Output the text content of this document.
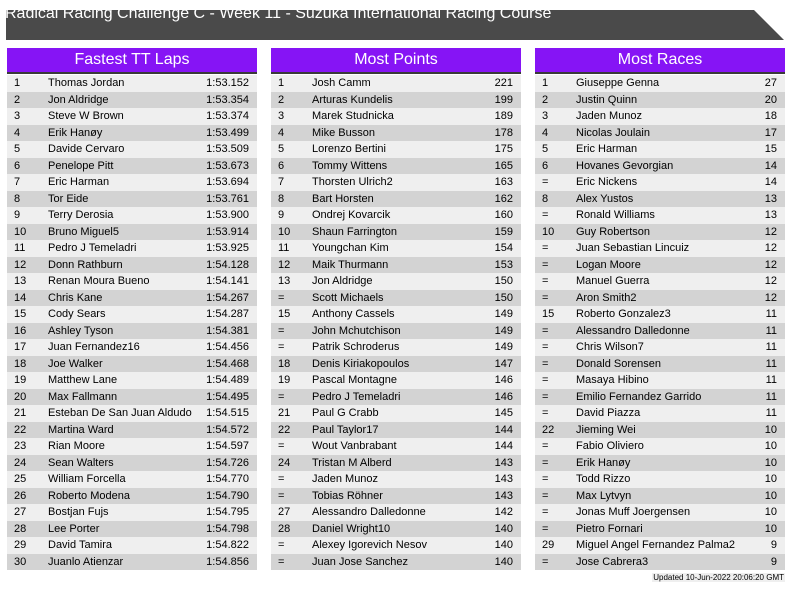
Radical Racing Challenge C - Week 11 - Suzuka International Racing Course
Fastest TT Laps
1	Thomas Jordan	1:53.152
2	Jon Aldridge	1:53.354
3	Steve W Brown	1:53.374
4	Erik Hanøy	1:53.499
5	Davide Cervaro	1:53.509
6	Penelope Pitt	1:53.673
7	Eric Harman	1:53.694
8	Tor Eide	1:53.761
9	Terry Derosia	1:53.900
10 Bruno Miguel5	1:53.914
11 Pedro J Temeladri	1:53.925
12 Donn Rathburn	1:54.128
13 Renan Moura Bueno	1:54.141
14 Chris Kane	1:54.267
15 Cody Sears	1:54.287
16 Ashley Tyson	1:54.381
17 Juan Fernandez16	1:54.456
18 Joe Walker	1:54.468
19 Matthew Lane	1:54.489
20 Max Fallmann	1:54.495
21 Esteban De San Juan Aldudo 1:54.515
22 Martina Ward	1:54.572
23 Rian Moore	1:54.597
24 Sean Walters	1:54.726
25 William Forcella	1:54.770
26 Roberto Modena	1:54.790
27 Bostjan Fujs	1:54.795
28 Lee Porter	1:54.798
29 David Tamira	1:54.822
30 Juanlo Atienzar	1:54.856
Most Points
1	Josh Camm	221
2	Arturas Kundelis	199
3	Marek Studnicka	189
4	Mike Busson	178
5	Lorenzo Bertini	175
6	Tommy Wittens	165
7	Thorsten Ulrich2	163
8	Bart Horsten	162
9	Ondrej Kovarcik	160
10 Shaun Farrington	159
11 Youngchan Kim	154
12 Maik Thurmann	153
13 Jon Aldridge	150
=	Scott Michaels	150
15 Anthony Cassels	149
=	John Mchutchison	149
=	Patrik Schroderus	149
18 Denis Kiriakopoulos	147
19 Pascal Montagne	146
=	Pedro J Temeladri	146
21 Paul G Crabb	145
22 Paul Taylor17	144
=	Wout Vanbrabant	144
24 Tristan M Alberd	143
=	Jaden Munoz	143
=	Tobias Röhner	143
27 Alessandro Dalledonne	142
28 Daniel Wright10	140
=	Alexey Igorevich Nesov	140
=	Juan Jose Sanchez	140
Most Races
1	Giuseppe Genna	27
2	Justin Quinn	20
3	Jaden Munoz	18
4	Nicolas Joulain	17
5	Eric Harman	15
6	Hovanes Gevorgian	14
=	Eric Nickens	14
8	Alex Yustos	13
=	Ronald Williams	13
10 Guy Robertson	12
=	Juan Sebastian Lincuiz	12
=	Logan Moore	12
=	Manuel Guerra	12
=	Aron Smith2	12
15 Roberto Gonzalez3	11
=	Alessandro Dalledonne	11
=	Chris Wilson7	11
=	Donald Sorensen	11
=	Masaya Hibino	11
=	Emilio Fernandez Garrido	11
=	David Piazza	11
22 Jieming Wei	10
=	Fabio Oliviero	10
=	Erik Hanøy	10
=	Todd Rizzo	10
=	Max Lytvyn	10
=	Jonas Muff Joergensen	10
=	Pietro Fornari	10
29 Miguel Angel Fernandez Palma2	9
=	Jose Cabrera3	9
Updated 10-Jun-2022 20:06:20 GMT
